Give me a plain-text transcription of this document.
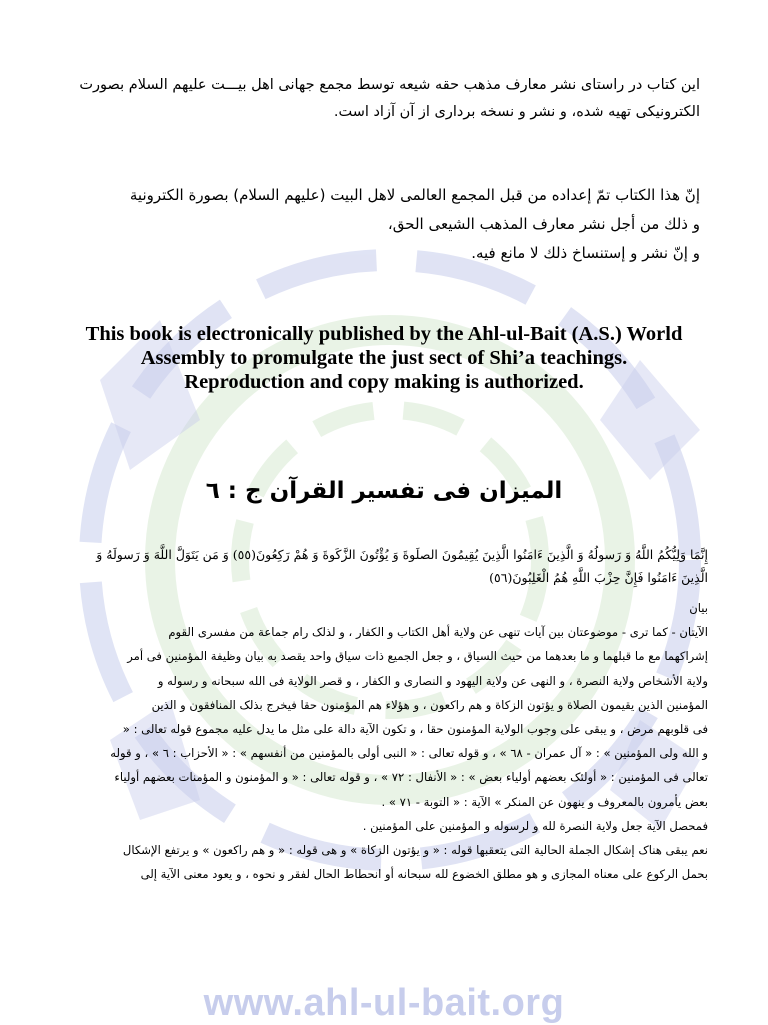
این کتاب در راستای نشر معارف مذهب حقه شیعه توسط مجمع جهانی اهل بیـــت علیهم السلام بصورت
الکترونیکی تهیه شده، و نشر و نسخه برداری از آن آزاد است.
إنّ هذا الكتاب تمّ إعداده من قبل المجمع العالمی لاهل البیت (علیهم السلام) بصورة الكترونیة
و ذلك من أجل نشر معارف المذهب الشیعی الحق،
و إنّ نشر و إستنساخ ذلك لا مانع فیه.
This book is electronically published by the Ahl-ul-Bait (A.S.) World
Assembly to promulgate the just sect of Shi’a teachings.
Reproduction and copy making is authorized.
المیزان فی تفسیر القرآن ج : ٦
إِنَّمَا وَلِیُّکُمُ اللَّهُ وَ رَسولُهُ وَ الَّذِینَ ءَامَنُوا الَّذِینَ یُقِیمُونَ الصلَوةَ وَ یُؤْتُونَ الزَّکَوةَ وَ هُمْ رَکِعُونَ(٥٥) وَ مَن یَتَوَلَّ اللَّهَ وَ رَسولَهُ وَ
الَّذِینَ ءَامَنُوا فَإِنَّ حِزْبَ اللَّهِ هُمُ الْغَلِبُونَ(٥٦)
بیان
الآیتان - کما تری - موضوعتان بین آیات تنهى عن ولایة أهل الکتاب و الکفار ، و لذلک رام جماعة من مفسری القوم
إشراکهما مع ما قبلهما و ما بعدهما من حیث السیاق ، و جعل الجمیع ذات سیاق واحد یقصد به بیان وظیفة المؤمنین فی أمر
ولایة الأشخاص ولایة النصرة ، و النهی عن ولایة الیهود و النصاری و الکفار ، و قصر الولایة فی الله سبحانه و رسوله و
المؤمنین الذین یقیمون الصلاة و یؤتون الزکاة و هم راکعون ، و هؤلاء هم المؤمنون حقا فیخرج بذلک المنافقون و الذین
فی قلوبهم مرض ، و یبقی علی وجوب الولایة المؤمنون حقا ، و تکون الآیة دالة علی مثل ما یدل علیه مجموع قوله تعالی : «
و الله ولی المؤمنین » : « آل عمران - ٦٨ » ، و قوله تعالی : « النبی أولی بالمؤمنین من أنفسهم » : « الأحزاب : ٦ » ، و قوله
تعالی فی المؤمنین : « أولئک بعضهم أولیاء بعض » : « الأنفال : ٧٢ » ، و قوله تعالی : « و المؤمنون و المؤمنات بعضهم أولیاء
بعض یأمرون بالمعروف و ینهون عن المنکر » الآیة : « التوبة - ٧١ » .
فمحصل الآیة جعل ولایة النصرة لله و لرسوله و المؤمنین علی المؤمنین .
نعم یبقی هناک إشکال الجملة الحالیة التی یتعقبها قوله : « و یؤتون الزکاة » و هی قوله : « و هم راکعون » و یرتفع الإشکال
بحمل الرکوع علی معناه المجازی و هو مطلق الخضوع لله سبحانه أو انحطاط الحال لفقر و نحوه ، و یعود معنی الآیة إلی
www.ahl-ul-bait.org
